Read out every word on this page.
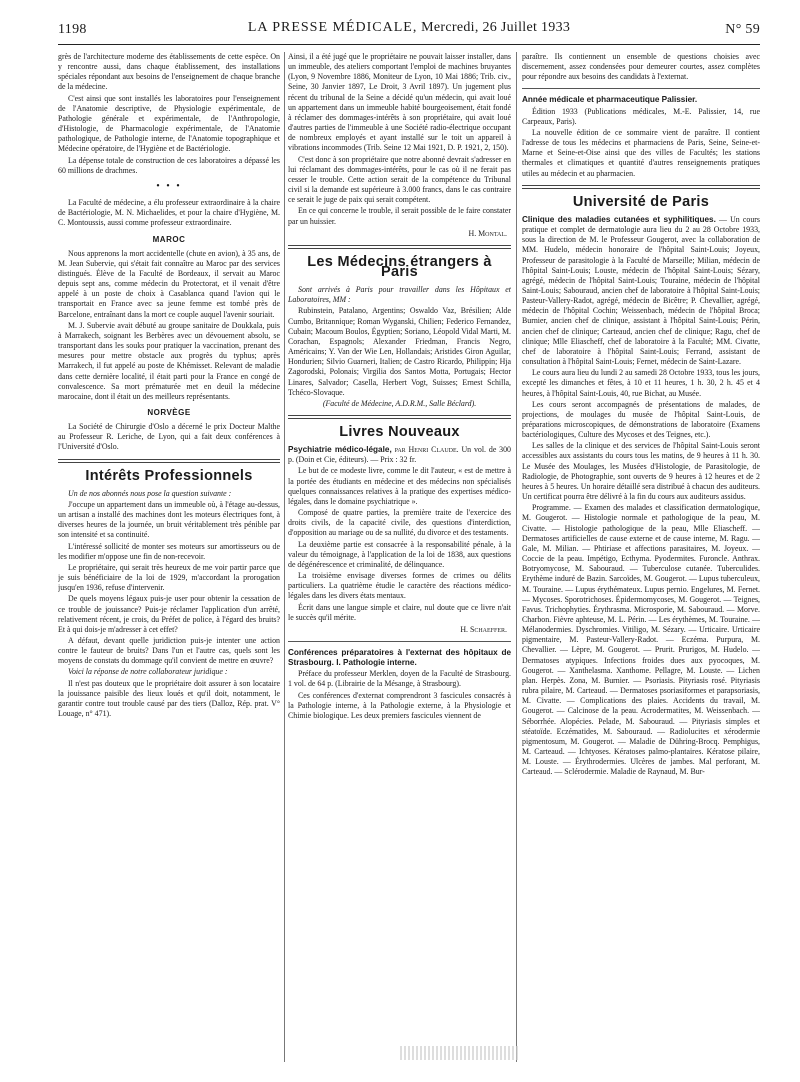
1198	LA PRESSE MÉDICALE, Mercredi, 26 Juillet 1933	N° 59

grès de l'architecture moderne des établissements de cette espèce. On y rencontre aussi, dans chaque établissement, des installations spéciales répondant aux besoins de l'enseignement de chaque branche de la médecine.

C'est ainsi que sont installés les laboratoires pour l'enseignement de l'Anatomie descriptive, de Physiologie expérimentale, de Pathologie générale et expérimentale, de l'Anthropologie, d'Histologie, de Pharmacologie expérimentale, de l'Anatomie pathologique, de Pathologie interne, de l'Anatomie topographique et Médecine opératoire, de l'Hygiène et de Bactériologie.

La dépense totale de construction de ces laboratoires a dépassé les 60 millions de drachmes.

• • •

La Faculté de médecine, a élu professeur extraordinaire à la chaire de Bactériologie, M. N. Michaelides, et pour la chaire d'Hygiène, M. C. Montoussis, aussi comme professeur extraordinaire.

MAROC

Nous apprenons la mort accidentelle (chute en avion), à 35 ans, de M. Jean Subervie, qui s'était fait connaître au Maroc par des services distingués. Élève de la Faculté de Bordeaux, il servait au Maroc depuis sept ans, comme médecin du Protectorat, et il venait d'être appelé à un poste de choix à Casablanca quand l'avion qui le transportait en France avec sa jeune femme est tombé près de Barcelone, entraînant dans la mort ce couple auquel l'avenir souriait.

M. J. Subervie avait débuté au groupe sanitaire de Doukkala, puis à Marrakech, soignant les Berbères avec un dévouement absolu, se transportant dans les souks pour pratiquer la vaccination, prenant des mesures pour mettre obstacle aux progrès du typhus; après Marrakech, il fut appelé au poste de Khémisset. Relevant de maladie dans cette dernière localité, il était parti pour la France en congé de convalescence. Sa mort prématurée met en deuil la médecine marocaine, dont il était un des meilleurs représentants.

NORVÈGE

La Société de Chirurgie d'Oslo a décerné le prix Docteur Malthe au Professeur R. Leriche, de Lyon, qui a fait deux conférences à l'Université d'Oslo.

Intérêts Professionnels

Un de nos abonnés nous pose la question suivante :

J'occupe un appartement dans un immeuble où, à l'étage au-dessus, un artisan a installé des machines dont les moteurs électriques font, à diverses heures de la journée, un bruit véritablement très pénible par son intensité et sa continuité.

L'intéressé sollicité de monter ses moteurs sur amortisseurs ou de les modifier m'oppose une fin de non-recevoir.

Le propriétaire, qui serait très heureux de me voir partir parce que je suis bénéficiaire de la loi de 1929, m'accordant la prorogation jusqu'en 1936, refuse d'intervenir.

De quels moyens légaux puis-je user pour obtenir la cessation de ce trouble de jouissance? Puis-je réclamer l'application d'un arrêté, relativement récent, je crois, du Préfet de police, à l'égard des bruits? Et à qui dois-je m'adresser à cet effet?

A défaut, devant quelle juridiction puis-je intenter une action contre le fauteur de bruits? Dans l'un et l'autre cas, quels sont les moyens de constats du dommage qu'il convient de mettre en œuvre?

Voici la réponse de notre collaborateur juridique :

Il n'est pas douteux que le propriétaire doit assurer à son locataire la jouissance paisible des lieux loués et qu'il doit, notamment, le garantir contre tout trouble causé par des tiers (Dalloz, Rép. prat. V° Louage, n° 471).

Ainsi, il a été jugé que le propriétaire ne pouvait laisser installer, dans un immeuble, des ateliers comportant l'emploi de machines bruyantes (Lyon, 9 Novembre 1886, Moniteur de Lyon, 10 Mai 1886; Trib. civ., Seine, 30 Janvier 1897, Le Droit, 3 Avril 1897). Un jugement plus récent du tribunal de la Seine a décidé qu'un médecin, qui avait loué un appartement dans un immeuble habité bourgeoisement, était fondé à réclamer des dommages-intérêts à son propriétaire, qui avait loué d'autres parties de l'immeuble à une Société radio-électrique occupant de nombreux employés et ayant installé sur le toit un appareil à vibrations incommodes (Trib. Seine 12 Mai 1921, D. P. 1921, 2, 150).

C'est donc à son propriétaire que notre abonné devrait s'adresser en lui réclamant des dommages-intérêts, pour le cas où il ne ferait pas cesser le trouble. Cette action serait de la compétence du Tribunal civil si la demande est supérieure à 3.000 francs, dans le cas contraire ce serait le juge de paix qui serait compétent.

En ce qui concerne le trouble, il serait possible de le faire constater par un huissier.

H. Montal.
Les Médecins étrangers à Paris

Sont arrivés à Paris pour travailler dans les Hôpitaux et Laboratoires, MM :

Rubinstein, Patalano, Argentins; Oswaldo Vaz, Brésilien; Alde Cumbo, Britannique; Roman Wyganski, Chilien; Federico Fernandez, Cubain; Macoum Boulos, Égyptien; Soriano, Léopold Vidal Marti, M. Corachan, Espagnols; Alexander Friedman, Francis Negro, Américains; Y. Van der Wie Len, Hollandais; Aristides Giron Aguilar, Hondurien; Silvio Guarneri, Italien; de Castro Ricardo, Philippin; Hja Zagorodski, Polonais; Virgilia dos Santos Motta, Portugais; Hector Linares, Salvador; Casella, Herbert Vogt, Suisses; Ernest Schilla, Tchéco-Slovaque.

(Faculté de Médecine, A.D.R.M., Salle Béclard).

Livres Nouveaux

Psychiatrie médico-légale, par Henri Claude. Un vol. de 300 p. (Doin et Cie, éditeurs). — Prix : 32 fr.

Le but de ce modeste livre, comme le dit l'auteur, « est de mettre à la portée des étudiants en médecine et des médecins non spécialisés quelques connaissances relatives à la pratique des expertises médico-légales, dans le domaine psychiatrique ».

Composé de quatre parties, la première traite de l'exercice des droits civils, de la capacité civile, des questions d'interdiction, d'opposition au mariage ou de sa nullité, du divorce et des testaments.

La deuxième partie est consacrée à la responsabilité pénale, à la valeur du témoignage, à l'application de la loi de 1838, aux questions de dégénérescence et criminalité, de délinquance.

La troisième envisage diverses formes de crimes ou délits particuliers. La quatrième étudie le caractère des réactions médico-légales dans les divers états mentaux.

Écrit dans une langue simple et claire, nul doute que ce livre n'ait le succès qu'il mérite.

H. Schaeffer.

Conférences préparatoires à l'externat des hôpitaux de Strasbourg. I. Pathologie interne.

Préface du professeur Merklen, doyen de la Faculté de Strasbourg. 1 vol. de 64 p. (Librairie de la Mésange, à Strasbourg).

Ces conférences d'externat comprendront 3 fascicules consacrés à la Pathologie interne, à la Pathologie externe, à la Physiologie et Chimie biologique. Les deux premiers fascicules viennent de

paraître. Ils contiennent un ensemble de questions choisies avec discernement, assez condensées pour demeurer courtes, assez complètes pour répondre aux besoins des candidats à l'externat.

Année médicale et pharmaceutique Palissier.

Édition 1933 (Publications médicales, M.-E. Palissier, 14, rue Carpeaux, Paris).

La nouvelle édition de ce sommaire vient de paraître. Il contient l'adresse de tous les médecins et pharmaciens de Paris, Seine, Seine-et-Marne et Seine-et-Oise ainsi que des villes de Facultés; les stations thermales et climatiques et quantité d'autres renseignements pratiques utiles au médecin et au pharmacien.

Université de Paris

Clinique des maladies cutanées et syphilitiques. — Un cours pratique et complet de dermatologie aura lieu du 2 au 28 Octobre 1933, sous la direction de M. le Professeur Gougerot, avec la collaboration de MM. Hudelo, médecin honoraire de l'hôpital Saint-Louis; Joyeux, Professeur de parasitologie à la Faculté de Marseille; Milian, médecin de l'hôpital Saint-Louis; Louste, médecin de l'hôpital Saint-Louis; Sézary, agrégé, médecin de l'hôpital Saint-Louis; Touraine, médecin de l'hôpital Saint-Louis; Sabouraud, ancien chef de laboratoire à l'hôpital Saint-Louis; Pasteur-Vallery-Radot, agrégé, médecin de Bicêtre; P. Chevallier, agrégé, médecin de l'hôpital Cochin; Weissenbach, médecin de l'hôpital Broca; Burnier, ancien chef de clinique, assistant à l'hôpital Saint-Louis; Périn, ancien chef de clinique; Carteaud, ancien chef de clinique; Ragu, chef de clinique; Mlle Eliascheff, chef de laboratoire à la Faculté; MM. Civatte, chef de laboratoire à l'hôpital Saint-Louis; Ferrand, assistant de consultation à l'hôpital Saint-Louis; Fernet, médecin de Saint-Lazare.

Le cours aura lieu du lundi 2 au samedi 28 Octobre 1933, tous les jours, excepté les dimanches et fêtes, à 10 et 11 heures, 1 h. 30, 2 h. 45 et 4 heures, à l'hôpital Saint-Louis, 40, rue Bichat, au Musée.

Les cours seront accompagnés de présentations de malades, de projections, de moulages du musée de l'hôpital Saint-Louis, de préparations microscopiques, de démonstrations de laboratoire (Examens bactériologiques, Culture des Mycoses et des Teignes, etc.).

Les salles de la clinique et des services de l'hôpital Saint-Louis seront accessibles aux assistants du cours tous les matins, de 9 heures à 11 h. 30. Le Musée des Moulages, les Musées d'Histologie, de Parasitologie, de Radiologie, de Photographie, sont ouverts de 9 heures à 12 heures et de 2 heures à 5 heures. Un horaire détaillé sera distribué à chacun des auditeurs. Un certificat pourra être délivré à la fin du cours aux auditeurs assidus.

Programme. — Examen des malades et classification dermatologique, M. Gougerot. — Histologie normale et pathologique de la peau, M. Civatte. — Histologie pathologique de la peau, Mlle Eliascheff. — Dermatoses artificielles de cause externe et de cause interne, M. Ragu. — Gale, M. Milian. — Phtiriase et affections parasitaires, M. Joyeux. — Coccie de la peau. Impétigo, Ecthyma. Pyodermites. Furoncle. Anthrax. Botryomycose, M. Sabouraud. — Tuberculose cutanée. Tuberculides. Erythème induré de Bazin. Sarcoïdes, M. Gougerot. — Lupus tuberculeux, M. Touraine. — Lupus érythémateux. Lupus pernio. Engelures, M. Fernet. — Mycoses. Sporotrichoses. Épidermomycoses, M. Gougerot. — Teignes, Favus. Trichophyties. Érythrasma. Microsporie, M. Sabouraud. — Morve. Charbon. Fièvre aphteuse, M. L. Périn. — Les érythèmes, M. Touraine. — Mélanodermies. Dyschromies. Vitiligo, M. Sézary. — Urticaire. Urticaire pigmentaire, M. Pasteur-Vallery-Radot. — Eczéma. Purpura, M. Chevallier. — Lèpre, M. Gougerot. — Prurit. Prurigos, M. Hudelo. — Dermatoses atypiques. Infections froides dues aux pyocoques, M. Gougerot. — Xanthelasma. Xanthome. Pellagre, M. Louste. — Lichen plan. Herpès. Zona, M. Burnier. — Psoriasis. Pityriasis rosé. Pityriasis rubra pilaire, M. Carteaud. — Dermatoses psoriasiformes et parapsoriasis, M. Civatte. — Complications des plaies. Accidents du travail, M. Gougerot. — Calcinose de la peau. Acrodermatites, M. Weissenbach. — Séborrhée. Alopécies. Pelade, M. Sabouraud. — Pityriasis simples et stéatoïde. Eczématides, M. Sabouraud. — Radiolucites et xérodermie pigmentosum, M. Gougerot. — Maladie de Dühring-Brocq. Pemphigus, M. Carteaud. — Ichtyoses. Kératoses palmo-plantaires. Kératose pilaire, M. Louste. — Érythrodermies. Ulcères de jambes. Mal perforant, M. Carteaud. — Sclérodermie. Maladie de Raynaud, M. Bur-
